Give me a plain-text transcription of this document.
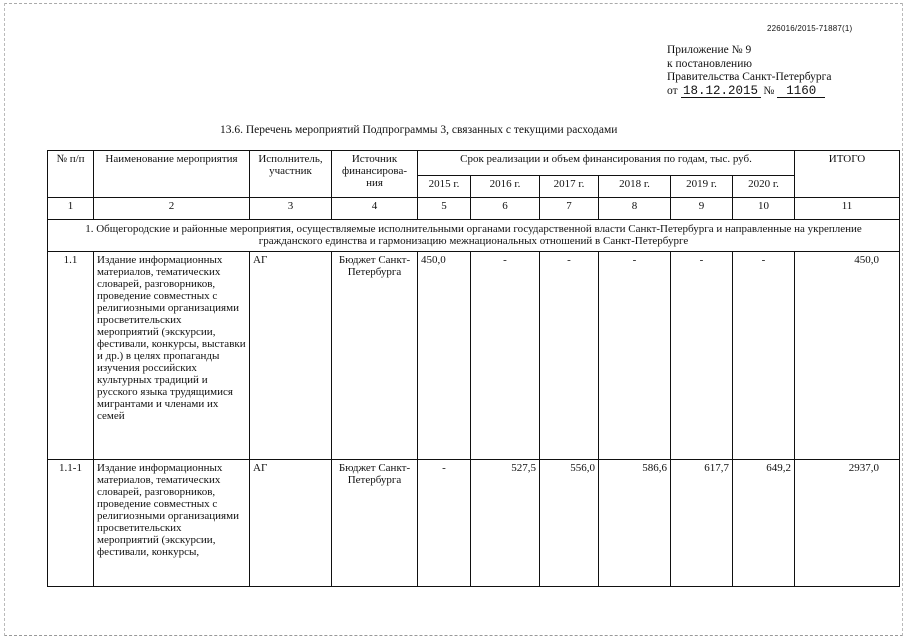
226016/2015-71887(1)
Приложение № 9
к постановлению
Правительства Санкт-Петербурга
от 18.12.2015 № 1160
13.6. Перечень мероприятий Подпрограммы 3, связанных с текущими расходами
№ п/п	Наименование мероприятия	Исполнитель, участник	Источник финансирова-ния	Срок реализации и объем финансирования по годам, тыс. руб.						ИТОГО
				2015 г.	2016 г.	2017 г.	2018 г.	2019 г.	2020 г.	
1	2	3	4	5	6	7	8	9	10	11
1. Общегородские и районные мероприятия, осуществляемые исполнительными органами государственной власти Санкт-Петербурга и направленные на укрепление гражданского единства и гармонизацию межнациональных отношений в Санкт-Петербурге										
1.1	Издание информационных материалов, тематических словарей, разговорников, проведение совместных с религиозными организациями просветительских мероприятий (экскурсии, фестивали, конкурсы, выставки и др.) в целях пропаганды изучения российских культурных традиций и русского языка трудящимися мигрантами и членами их семей	АГ	Бюджет Санкт-Петербурга	450,0	-	-	-	-	-	450,0
1.1-1	Издание информационных материалов, тематических словарей, разговорников, проведение совместных с религиозными организациями просветительских мероприятий (экскурсии, фестивали, конкурсы,	АГ	Бюджет Санкт-Петербурга	-	527,5	556,0	586,6	617,7	649,2	2937,0
